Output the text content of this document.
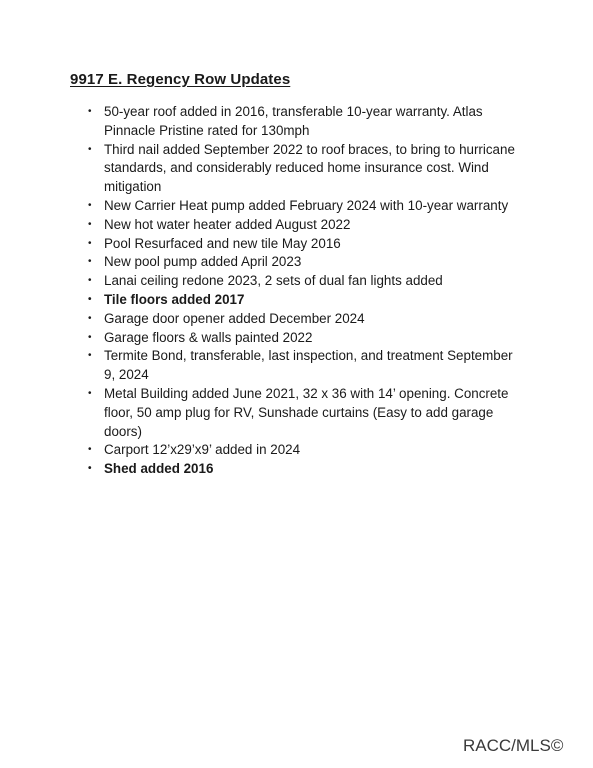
9917 E. Regency Row Updates
• 50-year roof added in 2016, transferable 10-year warranty. Atlas Pinnacle Pristine rated for 130mph
• Third nail added September 2022 to roof braces, to bring to hurricane standards, and considerably reduced home insurance cost. Wind mitigation
• New Carrier Heat pump added February 2024 with 10-year warranty
• New hot water heater added August 2022
• Pool Resurfaced and new tile May 2016
• New pool pump added April 2023
• Lanai ceiling redone 2023, 2 sets of dual fan lights added
• Tile floors added 2017
• Garage door opener added December 2024
• Garage floors & walls painted 2022
• Termite Bond, transferable, last inspection, and treatment September 9, 2024
• Metal Building added June 2021, 32 x 36 with 14’ opening. Concrete floor, 50 amp plug for RV, Sunshade curtains (Easy to add garage doors)
• Carport 12’x29’x9’ added in 2024
• Shed added 2016
RACC/MLS©
